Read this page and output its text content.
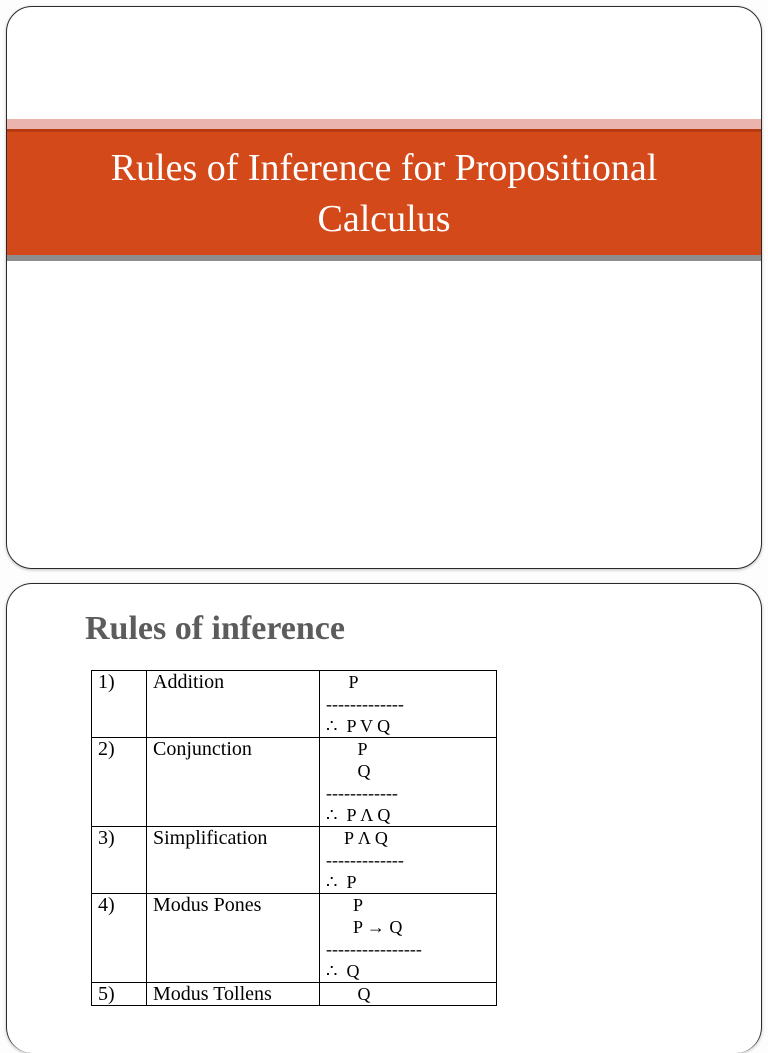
Rules of Inference for Propositional
Calculus
Rules of inference
1)	Addition	P
-------------
∴  P V Q

2)	Conjunction	P
Q
------------
∴  P Λ Q

3)	Simplification	P Λ Q
-------------
∴  P

4)	Modus Pones	P
P → Q
----------------
∴  Q

5)	Modus Tollens	Q
